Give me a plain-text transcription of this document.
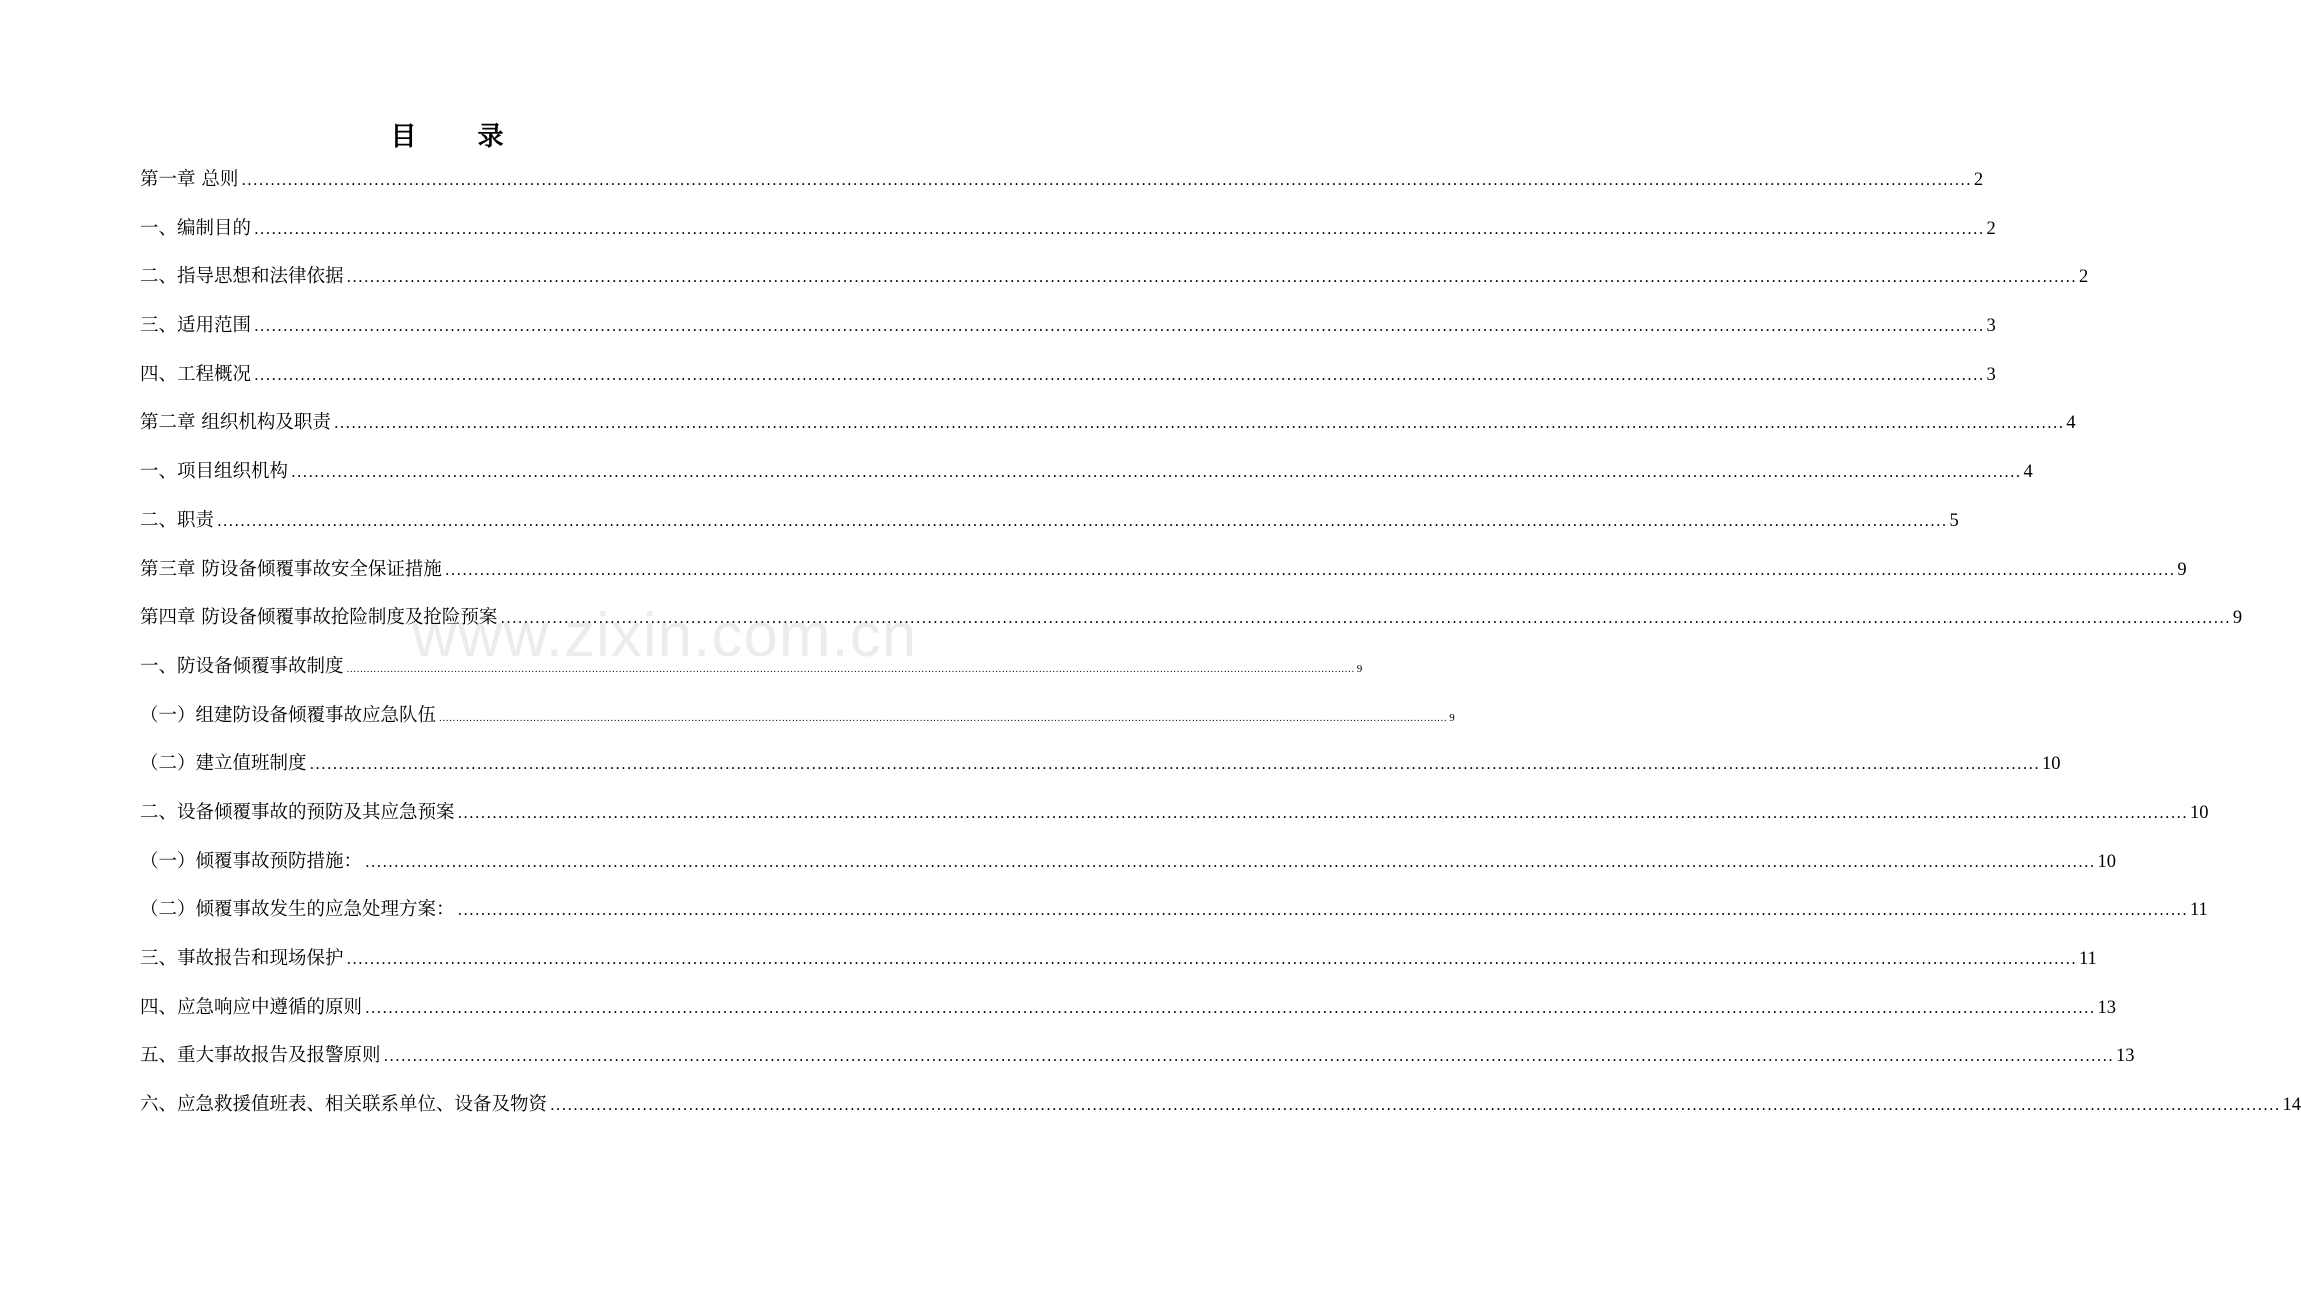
目 录
www.zixin.com.cn
第一章 总则 ............................................................................................................................................................................................................................................................................................................ 2
一、编制目的 ............................................................................................................................................................................................................................................................................................................ 2
二、指导思想和法律依据 ............................................................................................................................................................................................................................................................................................................ 2
三、适用范围 ............................................................................................................................................................................................................................................................................................................ 3
四、工程概况 ............................................................................................................................................................................................................................................................................................................ 3
第二章 组织机构及职责 ............................................................................................................................................................................................................................................................................................................ 4
一、项目组织机构 ............................................................................................................................................................................................................................................................................................................ 4
二、职责 ............................................................................................................................................................................................................................................................................................................ 5
第三章 防设备倾覆事故安全保证措施 ............................................................................................................................................................................................................................................................................................................ 9
第四章 防设备倾覆事故抢险制度及抢险预案 ............................................................................................................................................................................................................................................................................................................ 9
一、防设备倾覆事故制度 ............................................................................................................................................................................................................................................................................................................ 9
（一）组建防设备倾覆事故应急队伍 ............................................................................................................................................................................................................................................................................................................ 9
（二）建立值班制度 ............................................................................................................................................................................................................................................................................................................ 10
二、设备倾覆事故的预防及其应急预案 ............................................................................................................................................................................................................................................................................................................ 10
（一）倾覆事故预防措施： ............................................................................................................................................................................................................................................................................................................ 10
（二）倾覆事故发生的应急处理方案： ............................................................................................................................................................................................................................................................................................................ 11
三、事故报告和现场保护 ............................................................................................................................................................................................................................................................................................................ 11
四、应急响应中遵循的原则 ............................................................................................................................................................................................................................................................................................................ 13
五、重大事故报告及报警原则 ............................................................................................................................................................................................................................................................................................................ 13
六、应急救援值班表、相关联系单位、设备及物资 ............................................................................................................................................................................................................................................................................................................ 14
